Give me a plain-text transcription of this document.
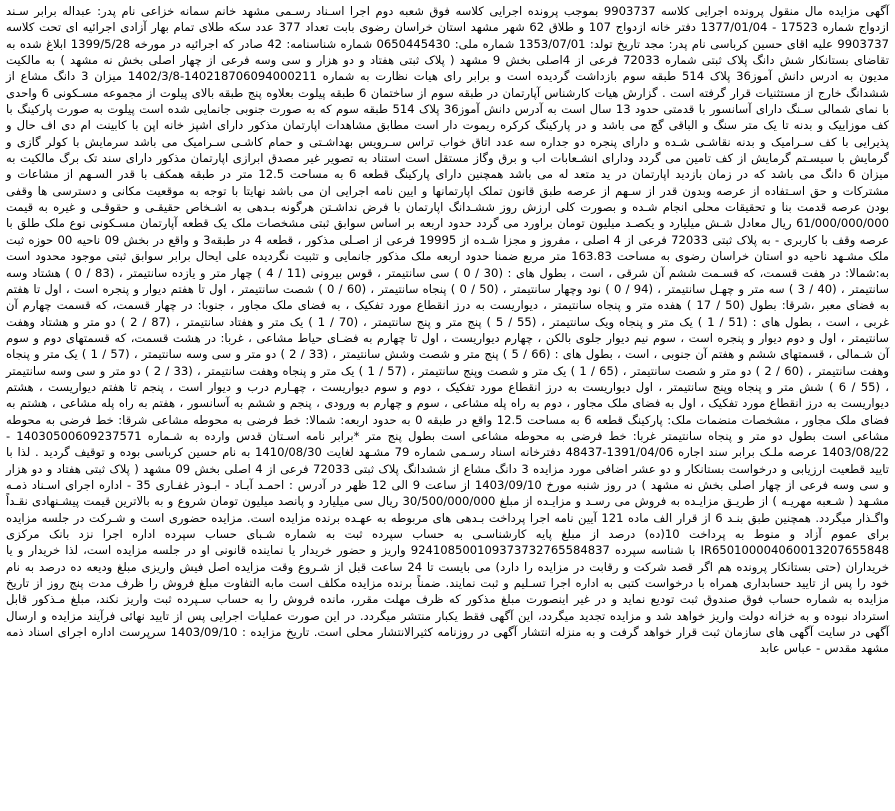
آگهی مزایده مال منقول پرونده اجرایی کلاسه 9903737 بموجب پرونده اجرایی کلاسه فوق شعبه دوم اجرا اسـناد رسـمی مشهد خانم سمانه خزاعی نام پدر: عبداله برابر سـند ازدواج شماره 17523 - 1377/01/04 دفتر خانه ازدواج 107 و طلاق 62 شهر مشهد استان خراسان رضوی بابت تعداد 377 عدد سکه طلای تمام بهار آزادی اجرائیه ای تحت کلاسه 9903737 علیه اقای حسین کرباسی نام پدر: مجد تاریخ تولد: 1353/07/01 شماره ملی: 0650445430 شماره شناسنامه: 42 صادر که اجرائیه در مورخه 1399/5/28 ابلاغ شده به تقاضای بستانکار شش دانگ پلاک ثبتی شماره 72033 فرعی از 4اصلی بخش 9 مشهد ( پلاک ثبتی هفتاد و دو هزار و سی وسه فرعی از چهار اصلی بخش نه مشهد ) به مالکیت مدیون به ادرس دانش آموز36 پلاک 514 طبقه سوم بازداشت گردیده است و برابر رای هیات نظارت به شماره 140218706094000211-1402/3/8 میزان 3 دانگ مشاع از ششدانگ خارج از مستثنیات قرار گرفته است . گزارش هیات کارشناس آپارتمان در طبقه سوم از ساختمان 6 طبقه پیلوت بعلاوه پنج طبقه بالای پیلوت از مجموعه مسـکونی 6 واحدی با نمای شمالی سـنگ دارای آسانسور با قدمتی حدود 13 سال است به آدرس دانش آموز36 پلاک 514 طبقه سوم که به صورت جنوبی جانمایی شده است پیلوت به صورت پارکینگ با کف موزاییک و بدنه تا یک متر سنگ و الباقی گچ می باشد و در پارکینگ کرکره ریموت دار است مطابق مشاهدات اپارتمان مذکور دارای اشپز خانه اپن با کابینت ام دی اف حال و پذیرایی با کف سـرامیک و بدنه نقاشـی شـده و دارای پنجره دو جداره سه عدد اتاق خواب تراس سـرویس بهداشـتی و حمام کاشـی سـرامیک می باشد سرمایش با کولر گازی و گرمایش با سیسـتم گرمایش از کف تامین می گردد ودارای انشـعابات اب و برق وگاز مستقل است استناد به تصویر غیر مصدق ابرازی اپارتمان مذکور دارای سند تک برگ مالکیت به میزان 6 دانگ می باشد که در زمان بازدید اپارتمان در ید متعد له می باشد همچنین دارای پارکینگ قطعه 6 به مساحت 12.5 متر در طبقه همکف با قدر السـهم از مشاعات و مشترکات و حق اسـتفاده از عرصه وبدون قدر از سـهم از عرصه طبق قانون تملک اپارتمانها و ایین نامه اجرایی ان می باشد نهایتا با توجه به موقعیت مکانی و دسترسی ها وقفی بودن عرصه قدمت بنا و تحقیقات محلی انجام شـده و بصورت کلی ارزش روز ششـدانگ اپارتمان با فرض نداشـتن هرگونه بـدهی به اشـخاص حقیقـی و حقوقـی و غیره به قیمت 61/000/000/000 ریال معادل شـش میلیارد و یکصـد میلیون تومان براورد می گردد حدود اربعه بر اساس سوابق ثبتی مشخصات ملک یک قطعه آپارتمان مسـکونی نوع ملک طلق با عرصه وقف با کاربری - به پلاک ثبتی 72033 فرعی از 4 اصلی ، مفروز و مجزا شـده از 19995 فرعی از اصـلی مذکور ، قطعه 4 در طبقه3 و واقع در بخش 09 ناحیه 00 حوزه ثبت ملک مشـهد ناحیه دو استان خراسان رضوی به مساحت 163.83 متر مربع ضمنا حدود اربعه ملک مذکور جانمایی و تثبیت نگردیده علی ایحال برابر سوابق ثبتی موجود محدود است به:شمالا: در هفت قسمت، که قسـمت ششم آن شرقی ، است ، بطول های : (30 / 0 ) سی سانتیمتر ، قوس بیرونی (11 / 4 ) چهار متر و یازده سانتیمتر ، (83 / 0 ) هشتاد وسه سانتیمتر ، (40 / 3 ) سه متر و چهـل سانتیمتر ، (94 / 0 ) نود وچهار سانتیمتر ، (50 / 0 ) پنجاه سانتیمتر ، (60 / 0 ) شصت سانتیمتر ، اول تا هفتم دیوار و پنجره است ، اول تا هفتم به فضای معبر ،شرقا: بطول (50 / 17 ) هفده متر و پنجاه سانتیمتر ، دیواریست به درز انقطاع مورد تفکیک ، به فضای ملک مجاور ، جنوبا: در چهار قسمت، که قسمت چهارم آن غربی ، است ، بطول های : (51 / 1 ) یک متر و پنجاه ویک سانتیمتر ، (55 / 5 ) پنج متر و پنج سانتیمتر ، (70 / 1 ) یک متر و هفتاد سانتیمتر ، (87 / 2 ) دو متر و هشتاد وهفت سانتیمتر ، اول و دوم دیوار و پنجره است ، سوم نیم دیوار جلوی بالکن ، چهارم دیواریست ، اول تا چهارم به فضـای حیاط مشاعی ، غربا: در هشت قسمت، که قسمتهای دوم و سوم آن شـمالی ، قسمتهای ششم و هفتم آن جنوبی ، است ، بطول های : (66 / 5 ) پنج متر و شصت وشش سانتیمتر ، (33 / 2 ) دو متر و سی وسه سانتیمتر ، (57 / 1 ) یک متر و پنجاه وهفت سانتیمتر ، (60 / 2 ) دو متر و شصت سانتیمتر ، (65 / 1 ) یک متر و شصت وپنج سانتیمتر ، (57 / 1 ) یک متر و پنجاه وهفت سانتیمتر ، (33 / 2 ) دو متر و سی وسه سانتیمتر ، (55 / 6 ) شش متر و پنجاه وپنج سانتیمتر ، اول دیواریست به درز انقطاع مورد تفکیک ، دوم و سوم دیواریست ، چهـارم درب و دیوار است ، پنجم تا هفتم دیواریست ، هشتم دیواریست به درز انقطاع مورد تفکیک ، اول به فضای ملک مجاور ، دوم به راه پله مشاعی ، سوم و چهارم به ورودی ، پنجم و ششم به آسانسور ، هفتم به راه پله مشاعی ، هشتم به فضای ملک مجاور ، مشخصات منضمات ملک: پارکینگ قطعه 6 به مساحت 12.5 واقع در طبقه 0 به حدود اربعه: شمالا: خط فرضی به محوطه مشاعی شرقا: خط فرضی به محوطه مشاعی است بطول دو متر و پنجاه سانتیمتر غربا: خط فرضی به محوطه مشاعی است بطول پنج متر *برابر نامه اسـتان قدس وارده به شـماره 14030500609237571 - 1403/08/22 عرصه ملـک برابر سند اجاره 1391/04/06-48437 دفترخانه اسناد رسـمی شماره 79 مشـهد لغایت 1410/08/30 به نام حسین کرباسی بوده و توقیف گردید . لذا با تایید قطعیت ارزیابی و درخواست بستانکار و دو عشر اضافی مورد مزایده 3 دانگ مشاع از ششدانگ پلاک ثبتی 72033 فرعی از 4 اصلی بخش 09 مشهد ( پلاک ثبتی هفتاد و دو هزار و سی وسه فرعی از چهار اصلی بخش نه مشهد ) در روز شنبه مورخ 1403/09/10 از ساعت 9 الی 12 ظهر در آدرس : احمـد آبـاد - ابـوذر غفـاری 35 - اداره اجرای اسـناد ذمـه مشـهد ( شـعبه مهریـه ) از طریـق مزایـده به فروش می رسـد و مزایـده از مبلغ 30/500/000/000 ریال سی میلیارد و پانصد میلیون تومان شروع و به بالاترین قیمت پیشـنهادی نقـداً واگـذار میگردد. همچنین طبق بنـد 6 از قرار الف ماده 121 آیین نامه اجرا پرداخت بـدهی های مربوطه به عهـده برنده مزایده است. مزایده حضوری است و شـرکت در جلسه مزایده برای عموم آزاد و منوط به پرداخت 10(ده) درصد از مبلغ پایه کارشناسـی به حساب سپرده ثبت به شماره شـبای حساب سپرده اداره اجرا نزد بانک مرکزی IR650100004060013207655848 با شناسه سپرده 924108500109373732765584837 واریز و حضور خریدار یا نماینده قانونی او در جلسه مزایده است، لذا خریدار و یا خریداران (حتی بستانکار پرونده هم اگر قصد شرکت و رقابت در مزایده را دارد) می بایست تا 24 ساعت قبل از شـروع وقت مزایده اصل فیش واریزی مبلغ ودیعه ده درصد به نام خود را پس از تایید حسابداری همراه با درخواست کتبی به اداره اجرا تسـلیم و ثبت نمایند. ضمناً برنده مزایده مکلف است مابه التفاوت مبلغ فروش را ظرف مدت پنج روز از تاریخ مزایده به شماره حساب فوق صندوق ثبت تودیع نماید و در غیر اینصورت مبلغ مذکور که ظرف مهلت مقرر، مانده فروش را به حساب سـپرده ثبت واریز نکند، مبلغ مـذکور قابل استرداد نبوده و به خزانه دولت واریز خواهد شد و مزایده تجدید میگردد، این آگهی فقط یکبار منتشر میگردد. در این صورت عملیات اجرایی پس از تایید نهائی فرآیند مزایده و ارسال آگهی در سایت آگهی های سازمان ثبت قرار خواهد گرفت و به منزله انتشار آگهی در روزنامه کثیرالانتشار محلی است. تاریخ مزایده : 1403/09/10 سرپرست اداره اجرای اسناد ذمه مشهد مقدس - عباس عابد
